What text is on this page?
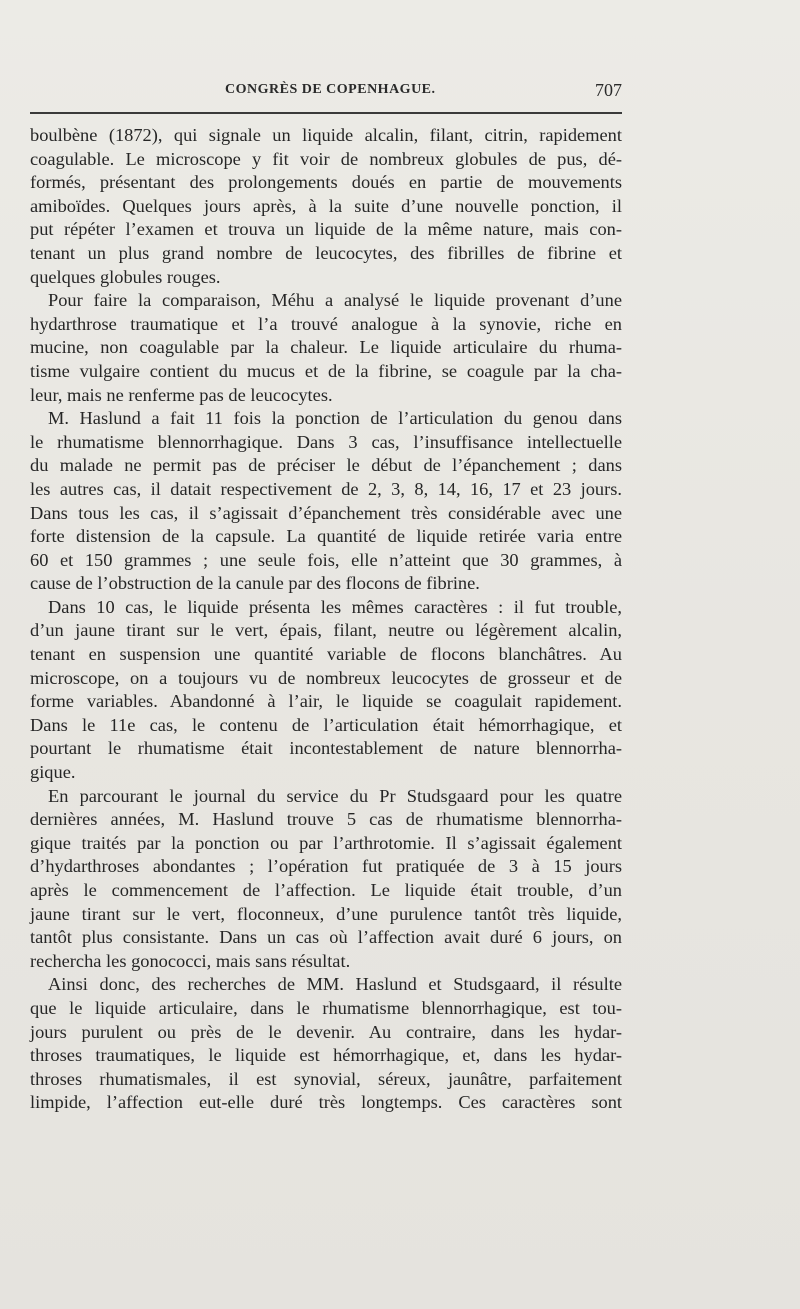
CONGRÈS DE COPENHAGUE.	707
boulbène (1872), qui signale un liquide alcalin, filant, citrin, rapidement
coagulable. Le microscope y fit voir de nombreux globules de pus, dé-
formés, présentant des prolongements doués en partie de mouvements
amiboïdes. Quelques jours après, à la suite d’une nouvelle ponction, il
put répéter l’examen et trouva un liquide de la même nature, mais con-
tenant un plus grand nombre de leucocytes, des fibrilles de fibrine et
quelques globules rouges.
Pour faire la comparaison, Méhu a analysé le liquide provenant d’une
hydarthrose traumatique et l’a trouvé analogue à la synovie, riche en
mucine, non coagulable par la chaleur. Le liquide articulaire du rhuma-
tisme vulgaire contient du mucus et de la fibrine, se coagule par la cha-
leur, mais ne renferme pas de leucocytes.
M. Haslund a fait 11 fois la ponction de l’articulation du genou dans
le rhumatisme blennorrhagique. Dans 3 cas, l’insuffisance intellectuelle
du malade ne permit pas de préciser le début de l’épanchement ; dans
les autres cas, il datait respectivement de 2, 3, 8, 14, 16, 17 et 23 jours.
Dans tous les cas, il s’agissait d’épanchement très considérable avec une
forte distension de la capsule. La quantité de liquide retirée varia entre
60 et 150 grammes ; une seule fois, elle n’atteint que 30 grammes, à
cause de l’obstruction de la canule par des flocons de fibrine.
Dans 10 cas, le liquide présenta les mêmes caractères : il fut trouble,
d’un jaune tirant sur le vert, épais, filant, neutre ou légèrement alcalin,
tenant en suspension une quantité variable de flocons blanchâtres. Au
microscope, on a toujours vu de nombreux leucocytes de grosseur et de
forme variables. Abandonné à l’air, le liquide se coagulait rapidement.
Dans le 11e cas, le contenu de l’articulation était hémorrhagique, et
pourtant le rhumatisme était incontestablement de nature blennorrha-
gique.
En parcourant le journal du service du Pr Studsgaard pour les quatre
dernières années, M. Haslund trouve 5 cas de rhumatisme blennorrha-
gique traités par la ponction ou par l’arthrotomie. Il s’agissait également
d’hydarthroses abondantes ; l’opération fut pratiquée de 3 à 15 jours
après le commencement de l’affection. Le liquide était trouble, d’un
jaune tirant sur le vert, floconneux, d’une purulence tantôt très liquide,
tantôt plus consistante. Dans un cas où l’affection avait duré 6 jours, on
rechercha les gonococci, mais sans résultat.
Ainsi donc, des recherches de MM. Haslund et Studsgaard, il résulte
que le liquide articulaire, dans le rhumatisme blennorrhagique, est tou-
jours purulent ou près de le devenir. Au contraire, dans les hydar-
throses traumatiques, le liquide est hémorrhagique, et, dans les hydar-
throses rhumatismales, il est synovial, séreux, jaunâtre, parfaitement
limpide, l’affection eut-elle duré très longtemps. Ces caractères sont
